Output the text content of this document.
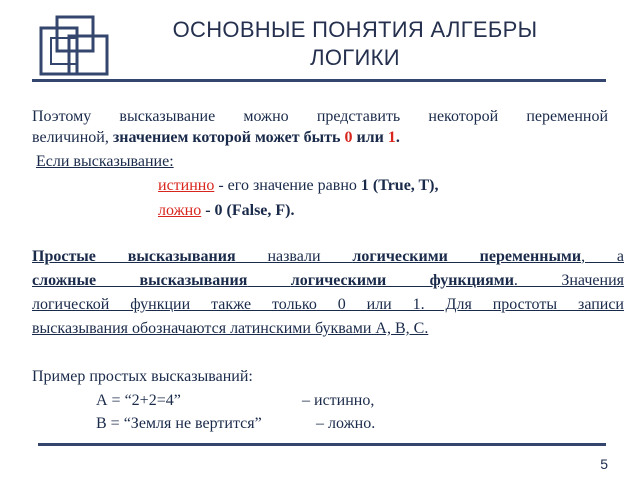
ОСНОВНЫЕ ПОНЯТИЯ АЛГЕБРЫ
ЛОГИКИ
Поэтому высказывание можно представить некоторой переменной
величиной, значением которой может быть 0 или 1.
Если высказывание:
истинно - его значение равно 1 (True, T),
ложно - 0 (False, F).
Простые высказывания назвали логическими переменными, а
сложные высказывания	логическими функциями. Значения
логической функции также только 0 или 1. Для простоты записи
высказывания обозначаются латинскими буквами А, В, С.
Пример простых высказываний:
А = “2+2=4”	– истинно,
В = “Земля не вертится”	– ложно.
5
